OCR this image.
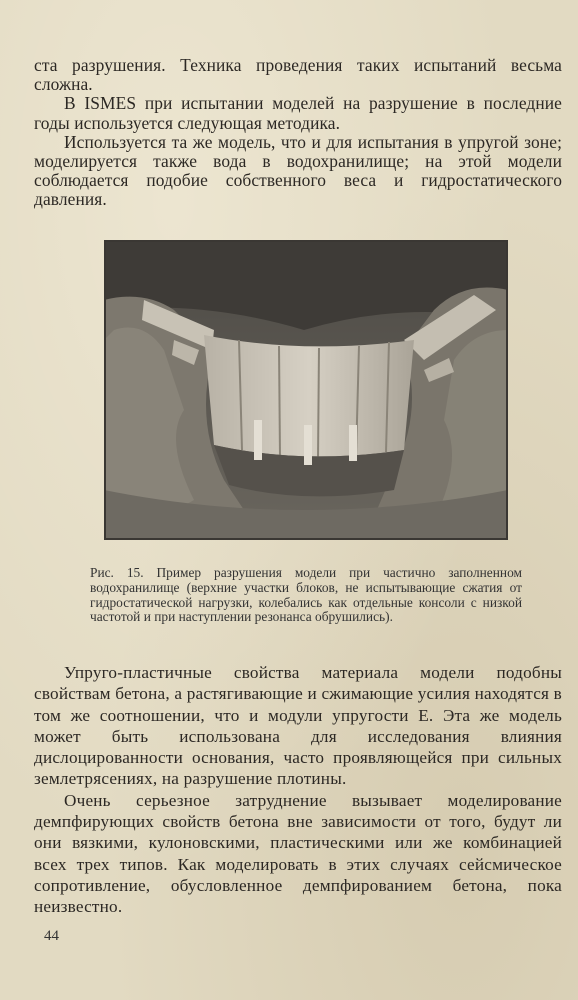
ста разрушения. Техника проведения таких испытаний весьма сложна.

В ISMES при испытании моделей на разрушение в последние годы используется следующая методика.

Используется та же модель, что и для испытания в упругой зоне; моделируется также вода в водохранилище; на этой модели соблюдается подобие собственного веса и гидростатического давления.

Рис. 15. Пример разрушения модели при частично заполненном водохранилище (верхние участки блоков, не испытывающие сжатия от гидростатической нагрузки, колебались как отдельные консоли с низкой частотой и при наступлении резонанса обрушились).

Упруго-пластичные свойства материала модели подобны свойствам бетона, а растягивающие и сжимающие усилия находятся в том же соотношении, что и модули упругости E. Эта же модель может быть использована для исследования влияния дислоцированности основания, часто проявляющейся при сильных землетрясениях, на разрушение плотины.

Очень серьезное затруднение вызывает моделирование демпфирующих свойств бетона вне зависимости от того, будут ли они вязкими, кулоновскими, пластическими или же комбинацией всех трех типов. Как моделировать в этих случаях сейсмическое сопротивление, обусловленное демпфированием бетона, пока неизвестно.

44
